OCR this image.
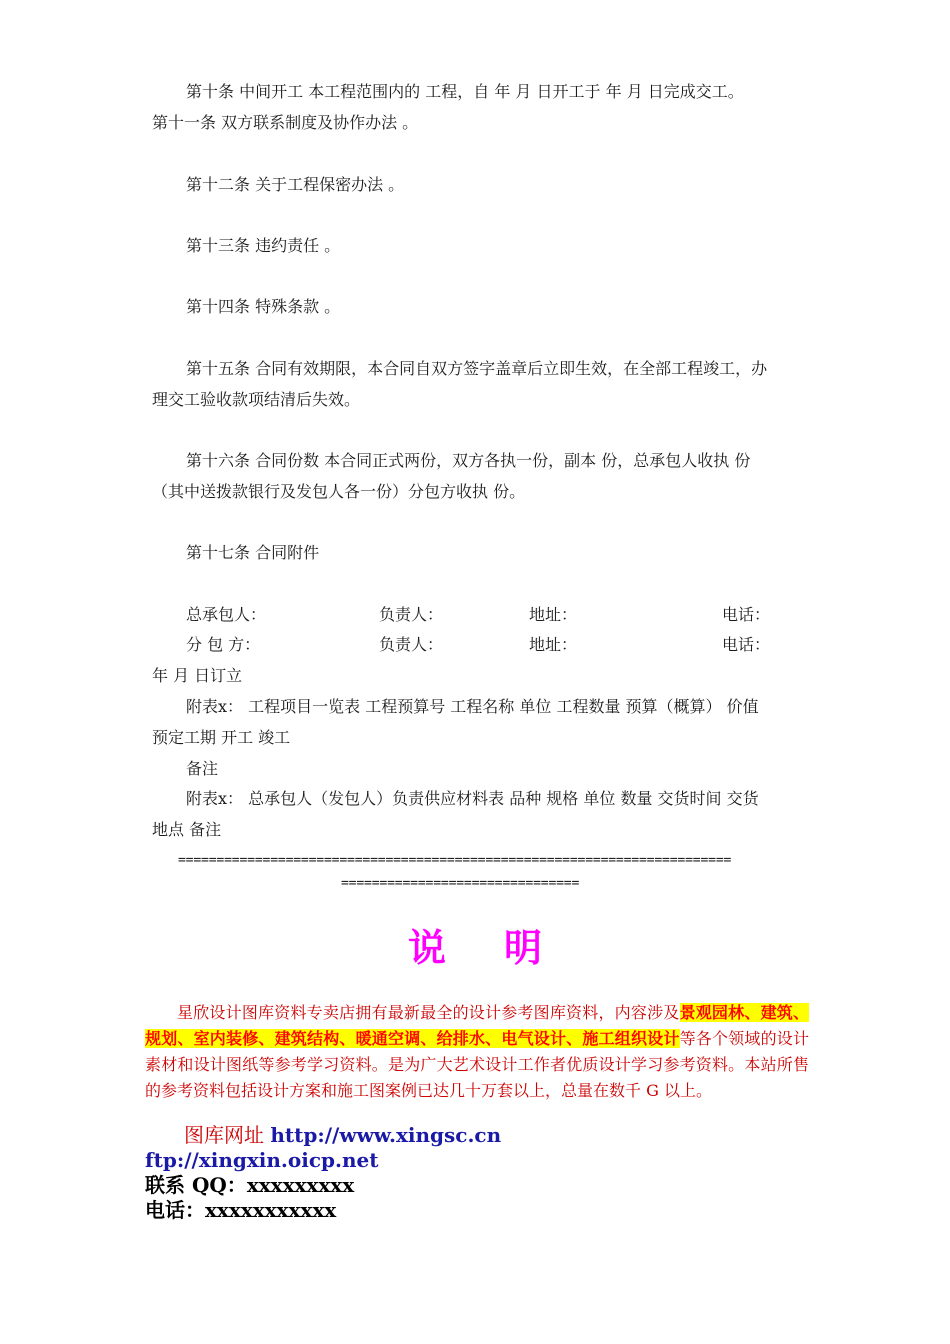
第十条 中间开工 本工程范围内的 工程，自 年 月 日开工于 年 月 日完成交工。
第十一条 双方联系制度及协作办法 。
第十二条 关于工程保密办法 。
第十三条 违约责任 。
第十四条 特殊条款 。
第十五条 合同有效期限，本合同自双方签字盖章后立即生效，在全部工程竣工，办
理交工验收款项结清后失效。
第十六条 合同份数 本合同正式两份，双方各执一份，副本 份，总承包人收执 份
（其中送拨款银行及发包人各一份）分包方收执 份。
第十七条 合同附件
总承包人：	负责人：	地址：	电话：
分 包 方：	负责人：	地址：	电话：
年 月 日订立
附表x： 工程项目一览表 工程预算号 工程名称 单位 工程数量 预算（概算） 价值
预定工期 开工 竣工
备注
附表x： 总承包人（发包人）负责供应材料表 品种 规格 单位 数量 交货时间 交货
地点 备注
========================================================================
===============================
说 明
星欣设计图库资料专卖店拥有最新最全的设计参考图库资料，内容涉及景观园林、建筑、规划、室内装修、建筑结构、暖通空调、给排水、电气设计、施工组织设计等各个领域的设计素材和设计图纸等参考学习资料。是为广大艺术设计工作者优质设计学习参考资料。本站所售的参考资料包括设计方案和施工图案例已达几十万套以上，总量在数千 G 以上。
图库网址 http://www.xingsc.cn
ftp://xingxin.oicp.net
联系 QQ：xxxxxxxxx
电话：xxxxxxxxxxx
